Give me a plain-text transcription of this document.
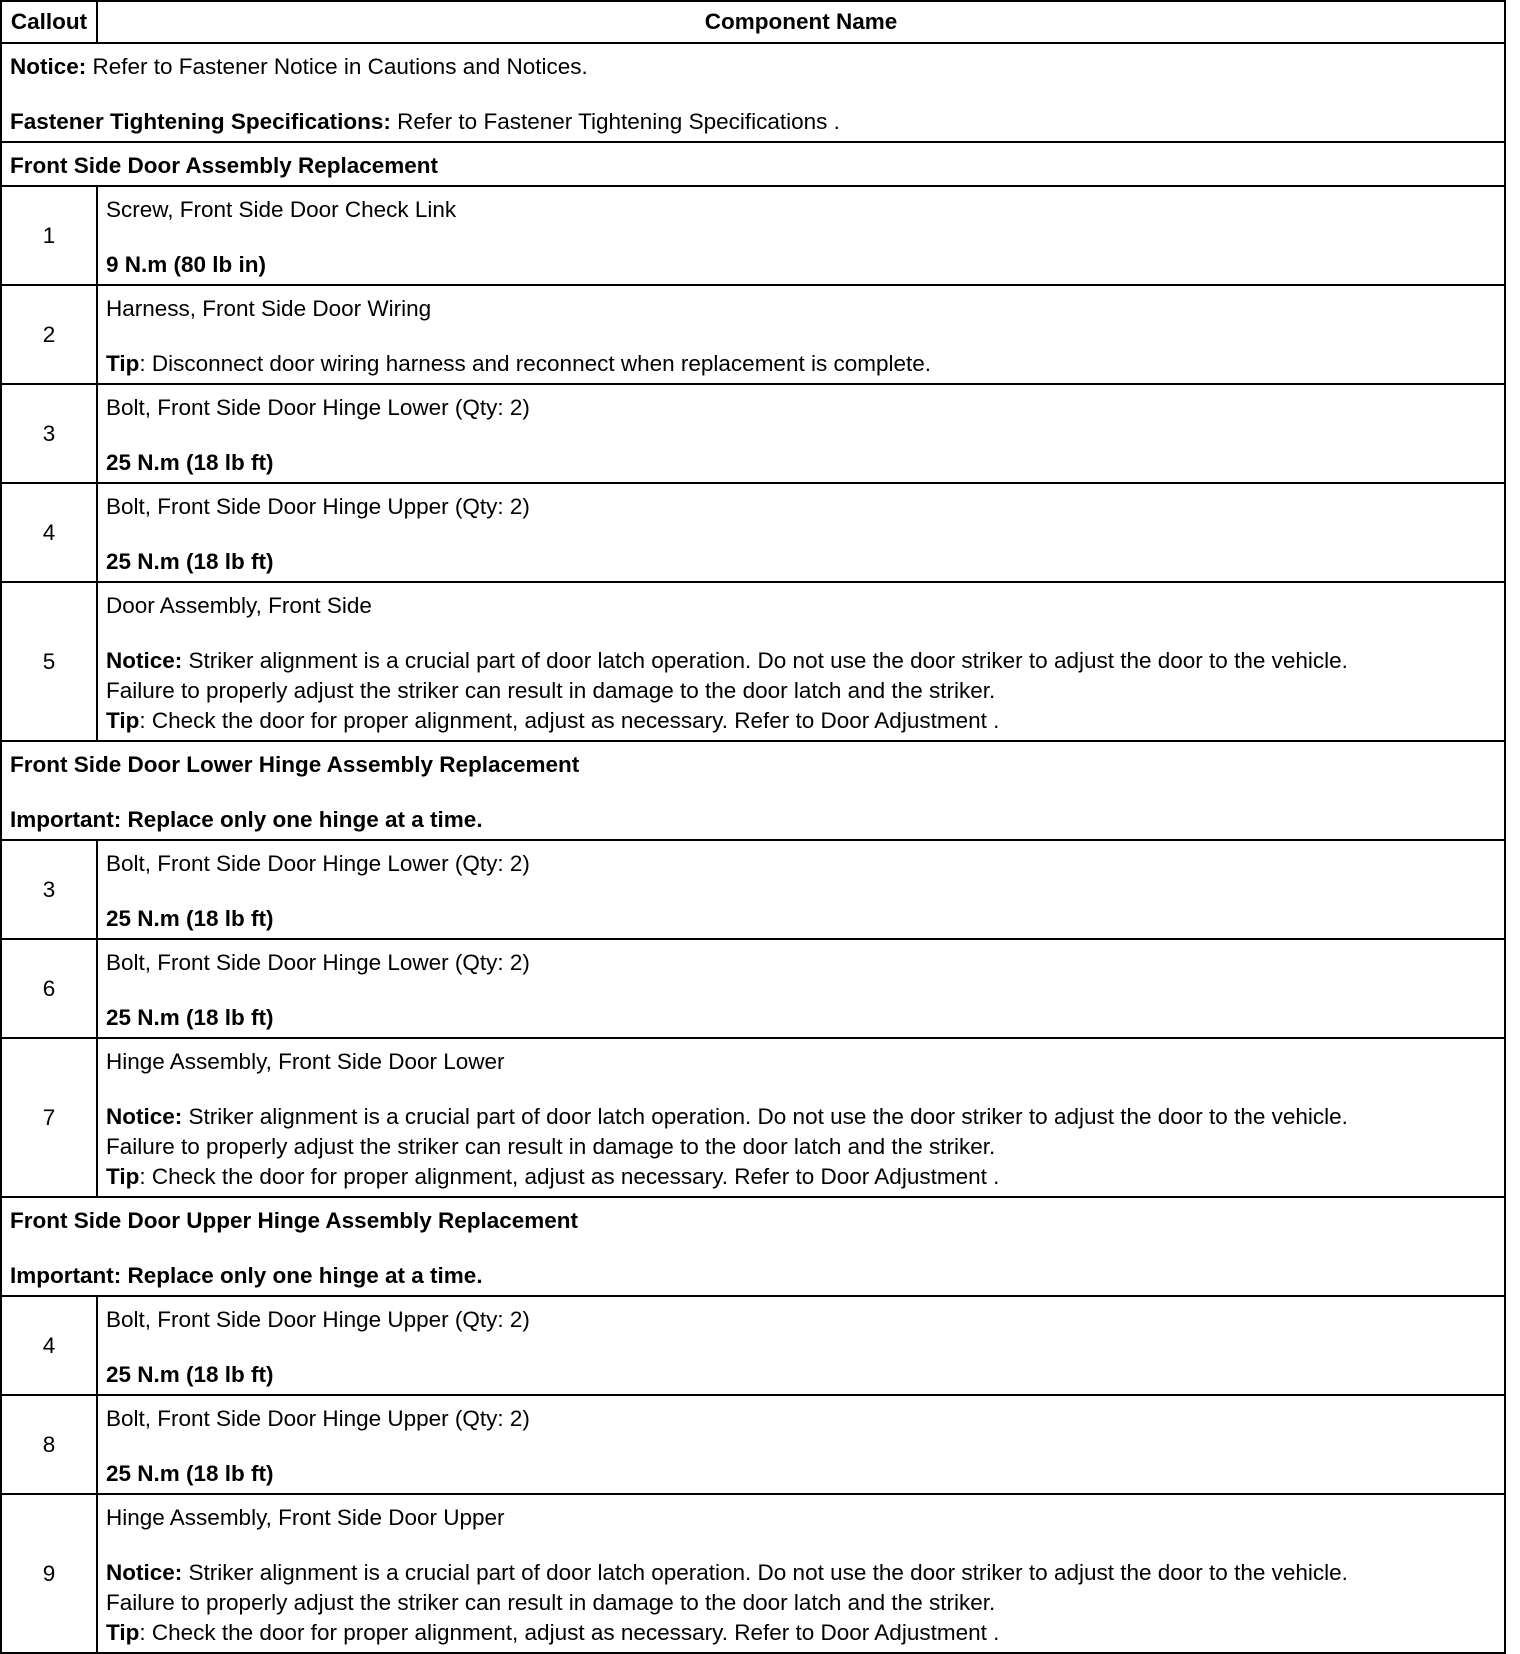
Callout	Component Name

Notice: Refer to Fastener Notice in Cautions and Notices.
Fastener Tightening Specifications: Refer to Fastener Tightening Specifications .	

Front Side Door Assembly Replacement	

1	Screw, Front Side Door Check Link
9 N.m (80 lb in)

2	Harness, Front Side Door Wiring
Tip: Disconnect door wiring harness and reconnect when replacement is complete.

3	Bolt, Front Side Door Hinge Lower (Qty: 2)
25 N.m (18 lb ft)

4	Bolt, Front Side Door Hinge Upper (Qty: 2)
25 N.m (18 lb ft)

5	Door Assembly, Front Side
Notice: Striker alignment is a crucial part of door latch operation. Do not use the door striker to adjust the door to the vehicle.
Failure to properly adjust the striker can result in damage to the door latch and the striker.
Tip: Check the door for proper alignment, adjust as necessary. Refer to Door Adjustment .

Front Side Door Lower Hinge Assembly Replacement
Important: Replace only one hinge at a time.	

3	Bolt, Front Side Door Hinge Lower (Qty: 2)
25 N.m (18 lb ft)

6	Bolt, Front Side Door Hinge Lower (Qty: 2)
25 N.m (18 lb ft)

7	Hinge Assembly, Front Side Door Lower
Notice: Striker alignment is a crucial part of door latch operation. Do not use the door striker to adjust the door to the vehicle.
Failure to properly adjust the striker can result in damage to the door latch and the striker.
Tip: Check the door for proper alignment, adjust as necessary. Refer to Door Adjustment .

Front Side Door Upper Hinge Assembly Replacement
Important: Replace only one hinge at a time.	

4	Bolt, Front Side Door Hinge Upper (Qty: 2)
25 N.m (18 lb ft)

8	Bolt, Front Side Door Hinge Upper (Qty: 2)
25 N.m (18 lb ft)

9	Hinge Assembly, Front Side Door Upper
Notice: Striker alignment is a crucial part of door latch operation. Do not use the door striker to adjust the door to the vehicle.
Failure to properly adjust the striker can result in damage to the door latch and the striker.
Tip: Check the door for proper alignment, adjust as necessary. Refer to Door Adjustment .
